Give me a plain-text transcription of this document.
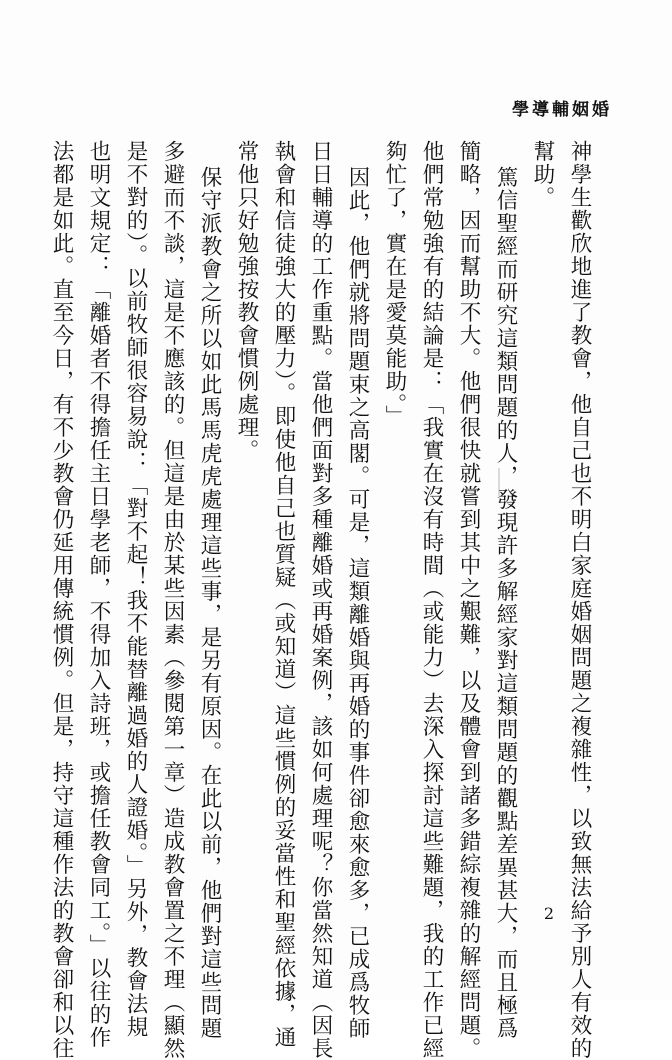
學導輔姻婚
神學生歡欣地進了教會，他自己也不明白家庭婚姻問題之複雜性，以致無法給予別人有效的
幫助。
篤信聖經而研究這類問題的人，發現許多解經家對這類問題的觀點差異甚大，而且極爲
簡略，因而幫助不大。他們很快就嘗到其中之艱難，以及體會到諸多錯綜複雜的解經問題。
他們常勉強有的結論是：「我實在沒有時間（或能力）去深入探討這些難題，我的工作已經
夠忙了，實在是愛莫能助。」
因此，他們就將問題束之高閣。可是，這類離婚與再婚的事件卻愈來愈多，已成爲牧師
日日輔導的工作重點。當他們面對多種離婚或再婚案例，該如何處理呢？你當然知道（因長
執會和信徒強大的壓力）。即使他自己也質疑（或知道）這些慣例的妥當性和聖經依據，通
常他只好勉強按教會慣例處理。
保守派教會之所以如此馬馬虎虎處理這些事，是另有原因。在此以前，他們對這些問題
多避而不談，這是不應該的。但這是由於某些因素（參閱第一章）造成教會置之不理（顯然
是不對的）。以前牧師很容易說：「對不起！我不能替離過婚的人證婚。」另外，教會法規
也明文規定：「離婚者不得擔任主日學老師，不得加入詩班，或擔任教會同工。」以往的作
法都是如此。直至今日，有不少教會仍延用傳統慣例。但是，持守這種作法的教會卻和以往	2
